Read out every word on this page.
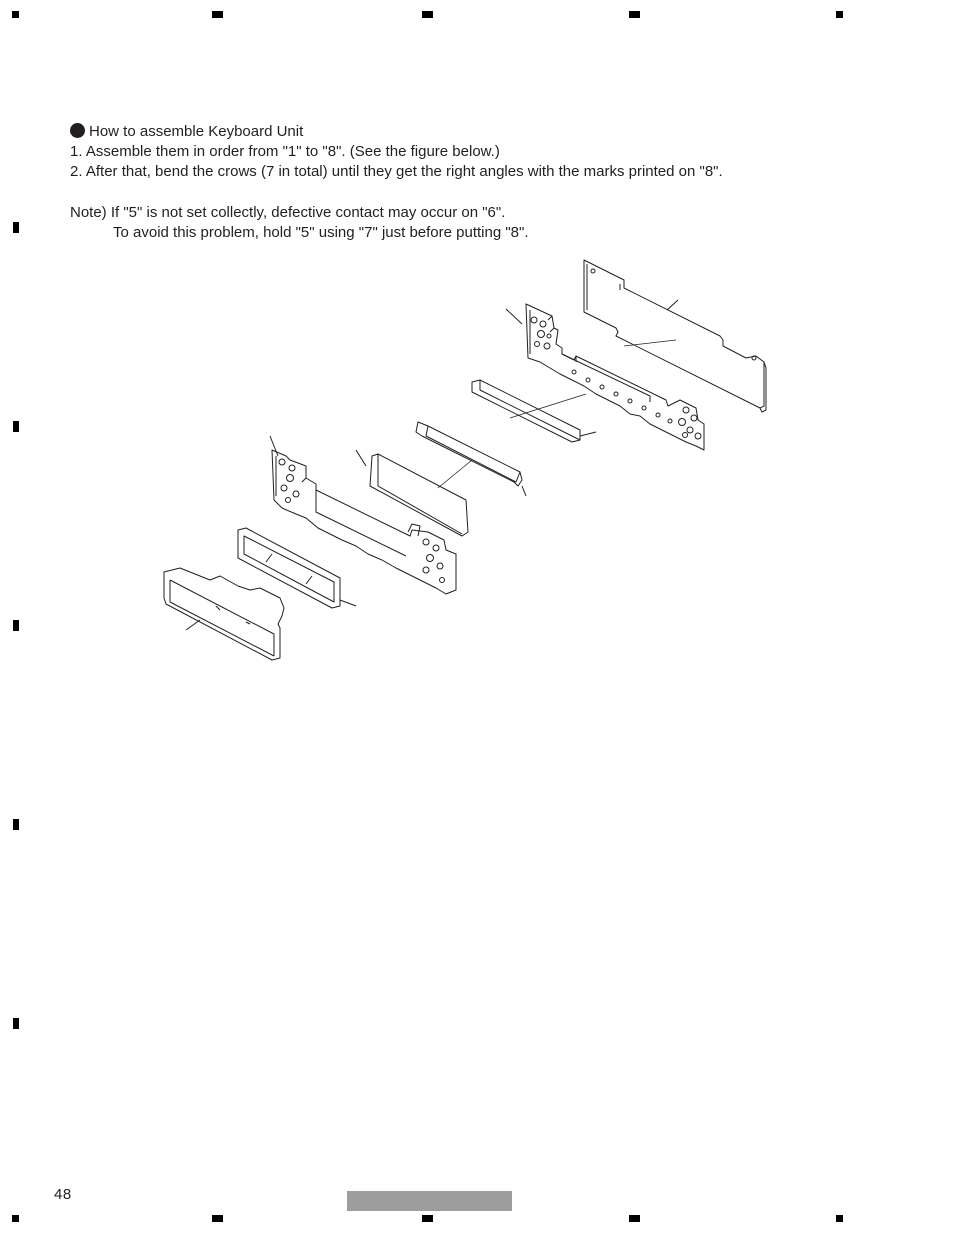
How to assemble Keyboard Unit
1. Assemble them in order from "1" to "8". (See the figure below.)
2. After that, bend the crows (7 in total) until they get the right angles with the marks printed on "8".
Note) If "5" is not set collectly, defective contact may occur on "6".
To avoid this problem, hold "5" using "7" just before putting "8".
48
